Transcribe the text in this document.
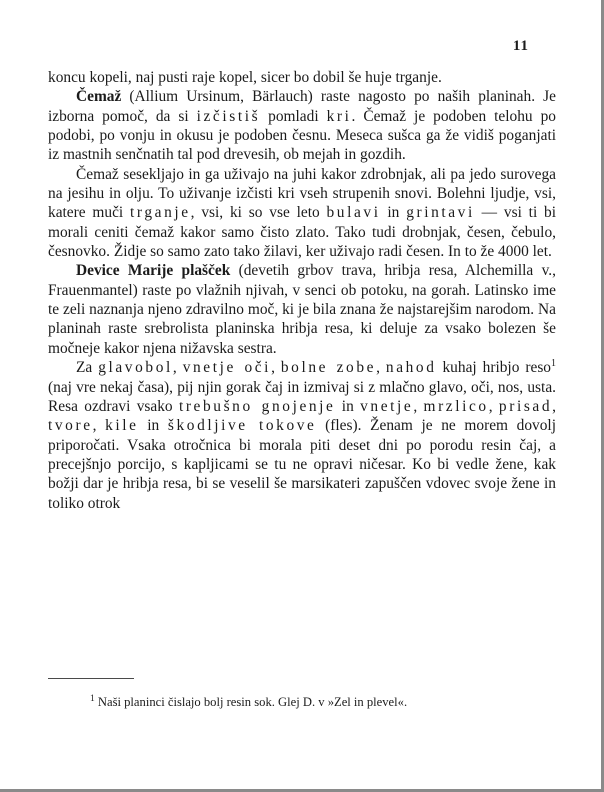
11

koncu kopeli, naj pusti raje kopel, sicer bo dobil še huje trganje.

Čemaž (Allium Ursinum, Bärlauch) raste nagosto po naših planinah. Je izborna pomoč, da si izčistiš pomladi kri. Čemaž je podoben telohu po podobi, po vonju in okusu je podoben česnu. Meseca sušca ga že vidiš poganjati iz mastnih senčnatih tal pod drevesih, ob mejah in gozdih.

Čemaž sesekljajo in ga uživajo na juhi kakor zdrobnjak, ali pa jedo surovega na jesihu in olju. To uživanje izčisti kri vseh strupenih snovi. Bolehni ljudje, vsi, katere muči trganje, vsi, ki so vse leto bulavi in grintavi — vsi ti bi morali ceniti čemaž kakor samo čisto zlato. Tako tudi drobnjak, česen, čebulo, česnovko. Židje so samo zato tako žilavi, ker uživajo radi česen. In to že 4000 let.

Device Marije plašček (devetih grbov trava, hribja resa, Alchemilla v., Frauenmantel) raste po vlažnih njivah, v senci ob potoku, na gorah. Latinsko ime te zeli naznanja njeno zdravilno moč, ki je bila znana že najstarejšim narodom. Na planinah raste srebrolista planinska hribja resa, ki deluje za vsako bolezen še močneje kakor njena nižavska sestra.

Za glavobol, vnetje oči, bolne zobe, nahod kuhaj hribjo reso$^1$ (naj vre nekaj časa), pij njin gorak čaj in izmivaj si z mlačno glavo, oči, nos, usta. Resa ozdravi vsako trebušno gnojenje in vnetje, mrzlico, prisad, tvore, kile in škodljive tokove (fles). Ženam je ne morem dovolj priporočati. Vsaka otročnica bi morala piti deset dni po porodu resin čaj, a precejšnjo porcijo, s kapljicami se tu ne opravi ničesar. Ko bi vedle žene, kak božji dar je hribja resa, bi se veselil še marsikateri zapuščen vdovec svoje žene in toliko otrok

$^1$ Naši planinci čislajo bolj resin sok. Glej D. v »Zel in plevel«.
